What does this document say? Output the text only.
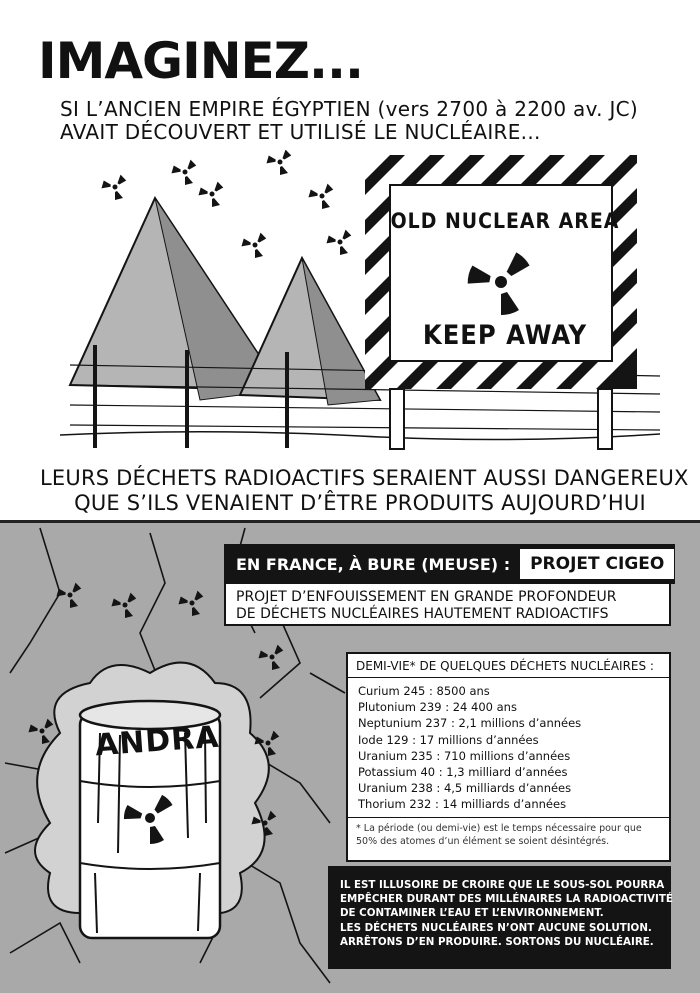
IMAGINEZ...
SI L’ANCIEN EMPIRE ÉGYPTIEN (vers 2700 à 2200 av. JC)
AVAIT DÉCOUVERT ET UTILISÉ LE NUCLÉAIRE...
OLD NUCLEAR AREA
KEEP AWAY
LEURS DÉCHETS RADIOACTIFS SERAIENT AUSSI DANGEREUX
QUE S’ILS VENAIENT D’ÊTRE PRODUITS AUJOURD’HUI
ANDRA
EN FRANCE, À BURE (MEUSE) :	PROJET CIGEO
PROJET D’ENFOUISSEMENT EN GRANDE PROFONDEUR
DE DÉCHETS NUCLÉAIRES HAUTEMENT RADIOACTIFS
DEMI-VIE* DE QUELQUES DÉCHETS NUCLÉAIRES :
Curium 245 : 8500 ans
Plutonium 239 : 24 400 ans
Neptunium 237 : 2,1 millions d’années
Iode 129 : 17 millions d’années
Uranium 235 : 710 millions d’années
Potassium 40 : 1,3 milliard d’années
Uranium 238 : 4,5 milliards d’années
Thorium 232 : 14 milliards d’années
* La période (ou demi-vie) est le temps nécessaire pour que
50% des atomes d’un élément se soient désintégrés.
IL EST ILLUSOIRE DE CROIRE QUE LE SOUS-SOL POURRA
EMPÊCHER DURANT DES MILLÉNAIRES LA RADIOACTIVITÉ
DE CONTAMINER L’EAU ET L’ENVIRONNEMENT.
LES DÉCHETS NUCLÉAIRES N’ONT AUCUNE SOLUTION.
ARRÊTONS D’EN PRODUIRE. SORTONS DU NUCLÉAIRE.
